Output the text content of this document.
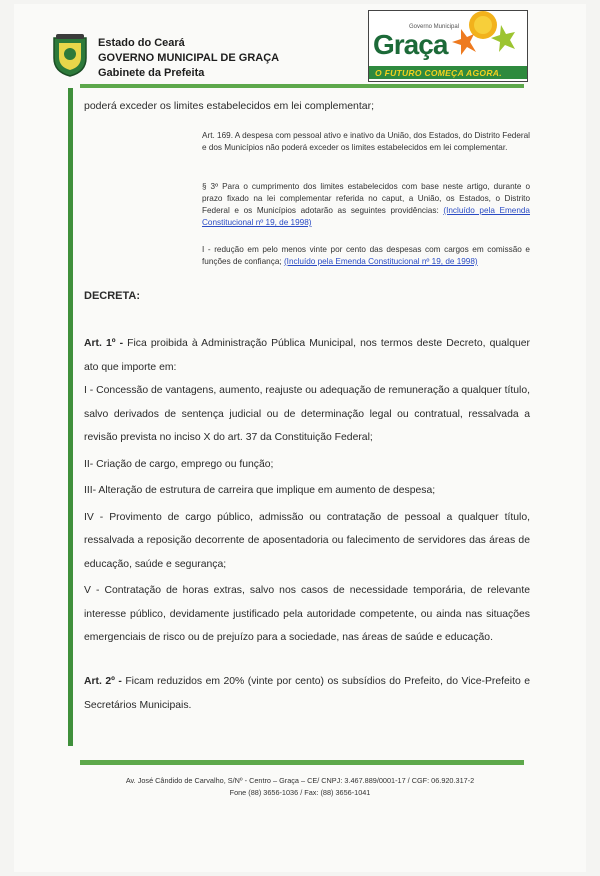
Estado do Ceará
GOVERNO MUNICIPAL DE GRAÇA
Gabinete da Prefeita
Governo Municipal
Graça
O FUTURO COMEÇA AGORA.
poderá exceder os limites estabelecidos em lei complementar;
Art. 169. A despesa com pessoal ativo e inativo da União, dos Estados, do Distrito Federal e dos Municípios não poderá exceder os limites estabelecidos em lei complementar.
§ 3º Para o cumprimento dos limites estabelecidos com base neste artigo, durante o prazo fixado na lei complementar referida no caput, a União, os Estados, o Distrito Federal e os Municípios adotarão as seguintes providências: (Incluído pela Emenda Constitucional nº 19, de 1998)
I - redução em pelo menos vinte por cento das despesas com cargos em comissão e funções de confiança; (Incluído pela Emenda Constitucional nº 19, de 1998)
DECRETA:
Art. 1º - Fica proibida à Administração Pública Municipal, nos termos deste Decreto, qualquer ato que importe em:
I - Concessão de vantagens, aumento, reajuste ou adequação de remuneração a qualquer título, salvo derivados de sentença judicial ou de determinação legal ou contratual, ressalvada a revisão prevista no inciso X do art. 37 da Constituição Federal;
II- Criação de cargo, emprego ou função;
III- Alteração de estrutura de carreira que implique em aumento de despesa;
IV - Provimento de cargo público, admissão ou contratação de pessoal a qualquer título, ressalvada a reposição decorrente de aposentadoria ou falecimento de servidores das áreas de educação, saúde e segurança;
V - Contratação de horas extras, salvo nos casos de necessidade temporária, de relevante interesse público, devidamente justificado pela autoridade competente, ou ainda nas situações emergenciais de risco ou de prejuízo para a sociedade, nas áreas de saúde e educação.
Art. 2º - Ficam reduzidos em 20% (vinte por cento) os subsídios do Prefeito, do Vice-Prefeito e Secretários Municipais.
Av. José Cândido de Carvalho, S/Nº - Centro – Graça – CE/ CNPJ: 3.467.889/0001-17 / CGF: 06.920.317-2
Fone (88) 3656-1036 / Fax: (88) 3656-1041
